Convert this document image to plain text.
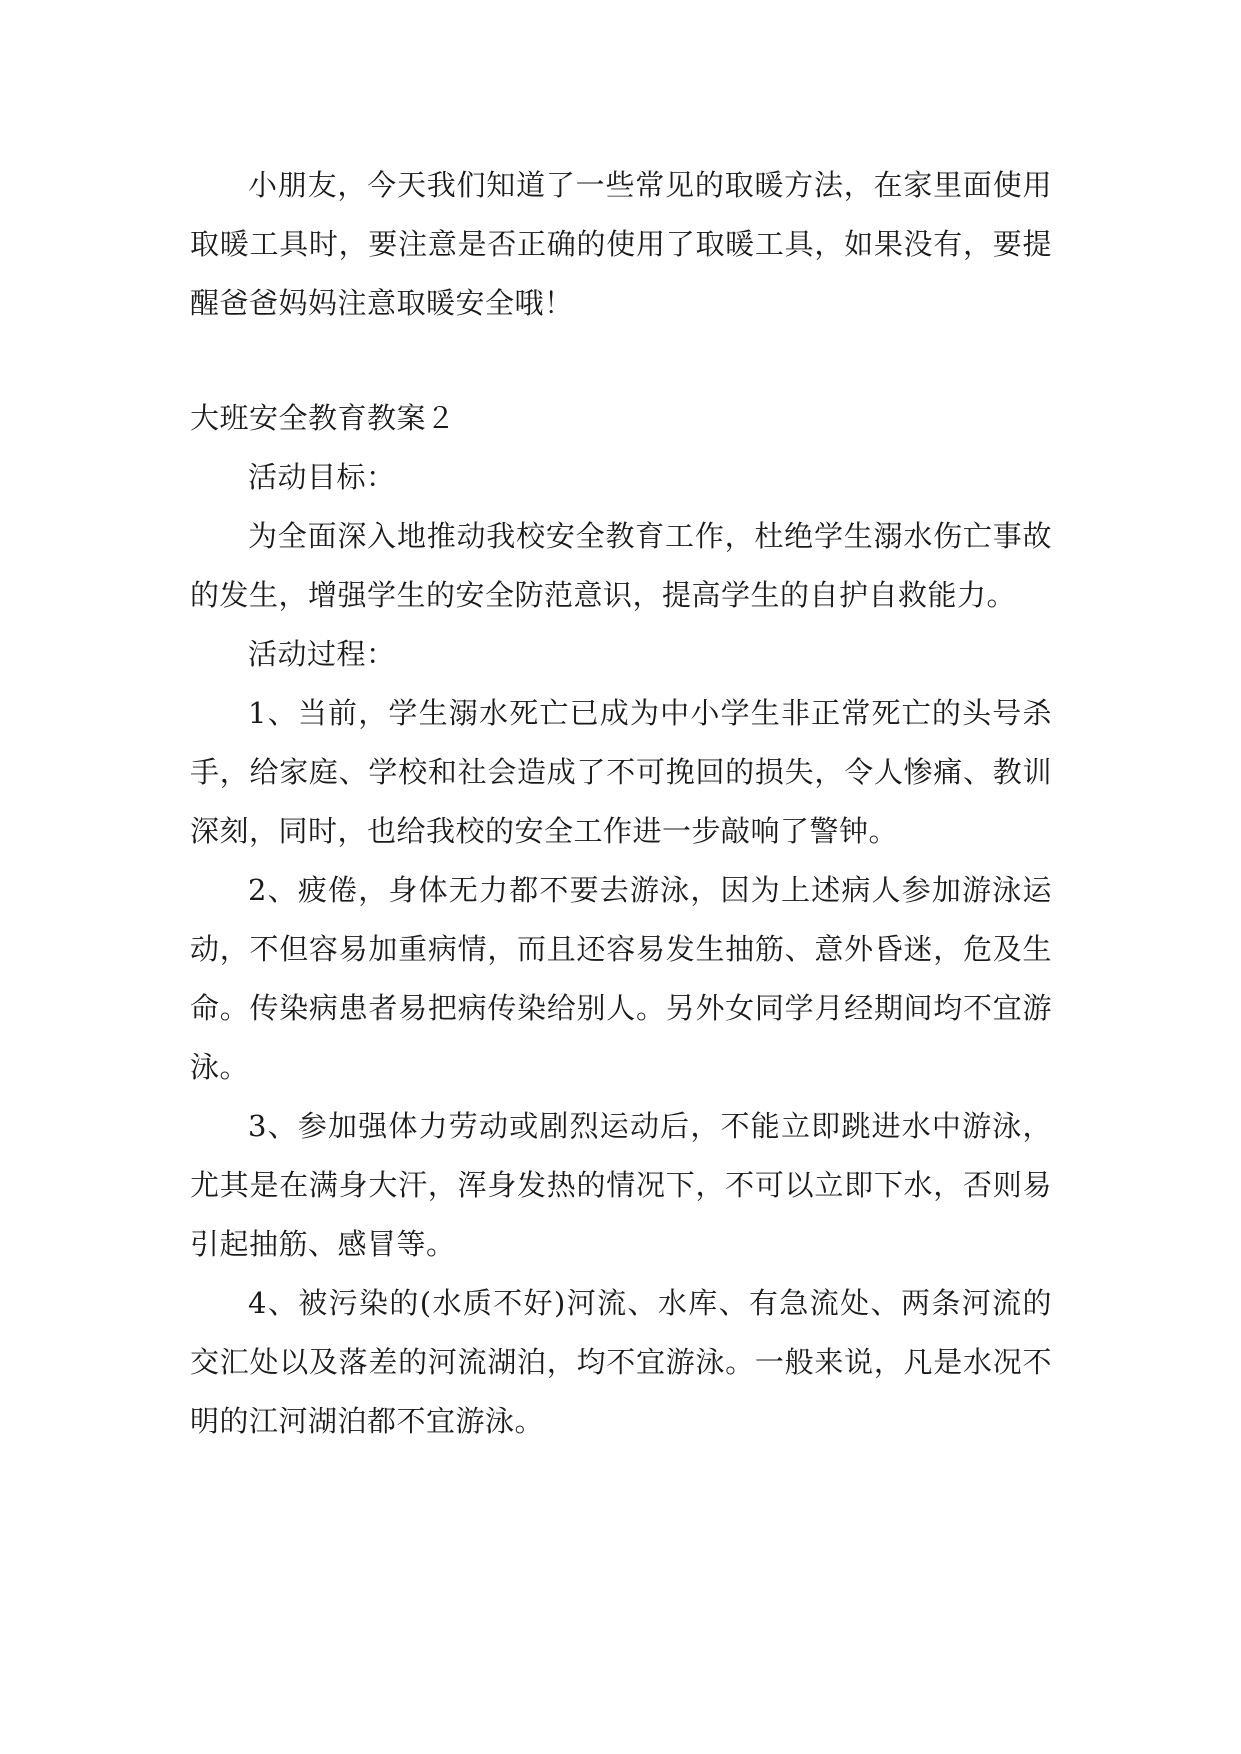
小朋友，今天我们知道了一些常见的取暖方法，在家里面使用取暖工具时，要注意是否正确的使用了取暖工具，如果没有，要提醒爸爸妈妈注意取暖安全哦！

大班安全教育教案２

活动目标：

为全面深入地推动我校安全教育工作，杜绝学生溺水伤亡事故的发生，增强学生的安全防范意识，提高学生的自护自救能力。

活动过程：

1、当前，学生溺水死亡已成为中小学生非正常死亡的头号杀手，给家庭、学校和社会造成了不可挽回的损失，令人惨痛、教训深刻，同时，也给我校的安全工作进一步敲响了警钟。

2、疲倦，身体无力都不要去游泳，因为上述病人参加游泳运动，不但容易加重病情，而且还容易发生抽筋、意外昏迷，危及生命。传染病患者易把病传染给别人。另外女同学月经期间均不宜游泳。

3、参加强体力劳动或剧烈运动后，不能立即跳进水中游泳，尤其是在满身大汗，浑身发热的情况下，不可以立即下水，否则易引起抽筋、感冒等。

4、被污染的(水质不好)河流、水库、有急流处、两条河流的交汇处以及落差的河流湖泊，均不宜游泳。一般来说，凡是水况不明的江河湖泊都不宜游泳。
